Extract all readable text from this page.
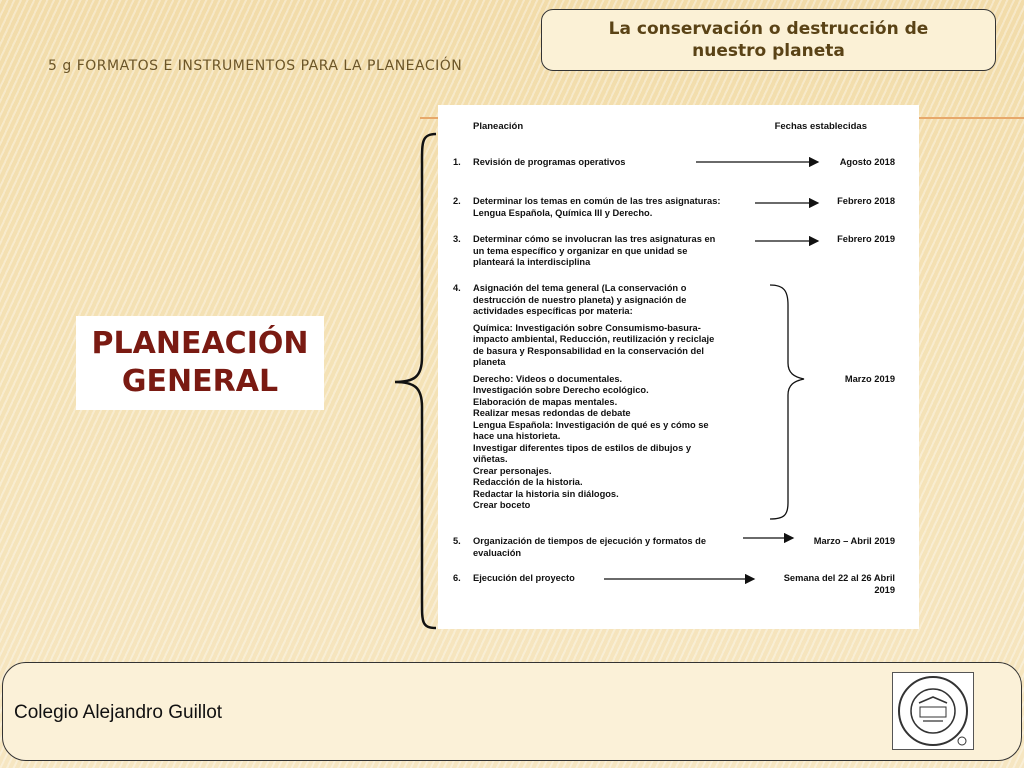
La conservación o destrucción de nuestro planeta
5 g FORMATOS E INSTRUMENTOS PARA LA PLANEACIÓN
PLANEACIÓN
GENERAL
Planeación	Fechas establecidas
1.	Revisión de programas operativos	Agosto 2018
2.	Determinar los temas en común de las tres asignaturas:
Lengua Española, Química III y Derecho.
Febrero 2018
3.	Determinar cómo se involucran las tres asignaturas en
un tema específico y organizar en que unidad se
planteará la interdisciplina
Febrero 2019
4.	Asignación del tema general (La conservación o
destrucción de nuestro planeta) y asignación de
actividades específicas por materia:
Química: Investigación sobre Consumismo-basura-
impacto ambiental, Reducción, reutilización y reciclaje
de basura y Responsabilidad en la conservación del
planeta
Derecho: Videos o documentales.
Investigación sobre Derecho ecológico.
Elaboración de mapas mentales.
Realizar mesas redondas de debate
Lengua Española: Investigación de qué es y cómo se
hace una historieta.
Investigar diferentes tipos de estilos de dibujos y
viñetas.
Crear personajes.
Redacción de la historia.
Redactar la historia sin diálogos.
Crear boceto
Marzo 2019
5.	Organización de tiempos de ejecución y formatos de
evaluación
Marzo – Abril 2019
6.	Ejecución del proyecto	Semana del 22 al 26 Abril
2019
Colegio Alejandro Guillot
